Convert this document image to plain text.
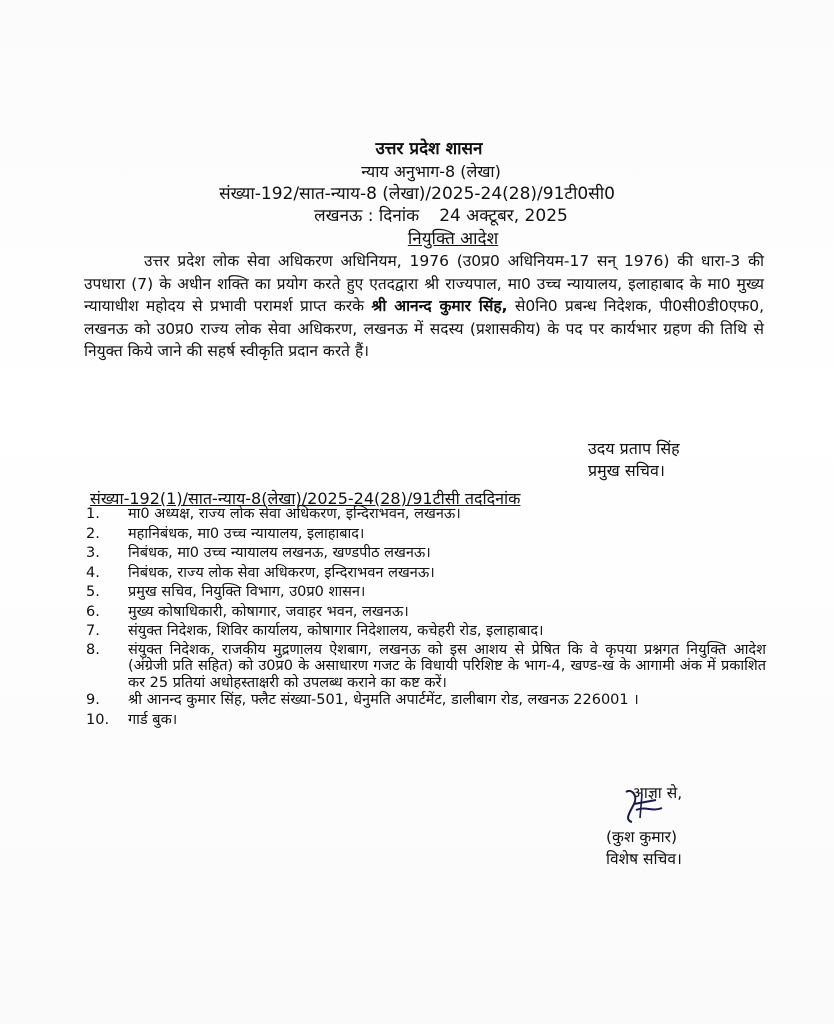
उत्तर प्रदेश शासन
न्याय अनुभाग-8 (लेखा)
संख्या-192/सात-न्याय-8 (लेखा)/2025-24(28)/91टी0सी0
लखनऊ : दिनांक 24 अक्टूबर, 2025
नियुक्ति आदेश
उत्तर प्रदेश लोक सेवा अधिकरण अधिनियम, 1976 (उ0प्र0 अधिनियम-17 सन् 1976) की धारा-3 की उपधारा (7) के अधीन शक्ति का प्रयोग करते हुए एतदद्वारा श्री राज्यपाल, मा0 उच्च न्यायालय, इलाहाबाद के मा0 मुख्य न्यायाधीश महोदय से प्रभावी परामर्श प्राप्त करके श्री आनन्द कुमार सिंह, से0नि0 प्रबन्ध निदेशक, पी0सी0डी0एफ0, लखनऊ को उ0प्र0 राज्य लोक सेवा अधिकरण, लखनऊ में सदस्य (प्रशासकीय) के पद पर कार्यभार ग्रहण की तिथि से नियुक्त किये जाने की सहर्ष स्वीकृति प्रदान करते हैं।
उदय प्रताप सिंह
प्रमुख सचिव।
संख्या-192(1)/सात-न्याय-8(लेखा)/2025-24(28)/91टीसी तददिनांक
1.	मा0 अध्यक्ष, राज्य लोक सेवा अधिकरण, इन्दिराभवन, लखनऊ।
2.	महानिबंधक, मा0 उच्च न्यायालय, इलाहाबाद।
3.	निबंधक, मा0 उच्च न्यायालय लखनऊ, खण्डपीठ लखनऊ।
4.	निबंधक, राज्य लोक सेवा अधिकरण, इन्दिराभवन लखनऊ।
5.	प्रमुख सचिव, नियुक्ति विभाग, उ0प्र0 शासन।
6.	मुख्य कोषाधिकारी, कोषागार, जवाहर भवन, लखनऊ।
7.	संयुक्त निदेशक, शिविर कार्यालय, कोषागार निदेशालय, कचेहरी रोड, इलाहाबाद।
8.	संयुक्त निदेशक, राजकीय मुद्रणालय ऐशबाग, लखनऊ को इस आशय से प्रेषित कि वे कृपया प्रश्नगत नियुक्ति आदेश (अंग्रेजी प्रति सहित) को उ0प्र0 के असाधारण गजट के विधायी परिशिष्ट के भाग-4, खण्ड-ख के आगामी अंक में प्रकाशित कर 25 प्रतियां अधोहस्ताक्षरी को उपलब्ध कराने का कष्ट करें।
9.	श्री आनन्द कुमार सिंह, फ्लैट संख्या-501, धेनुमति अपार्टमेंट, डालीबाग रोड, लखनऊ 226001 ।
10.	गार्ड बुक।
आज्ञा से,
(कुश कुमार)
विशेष सचिव।
